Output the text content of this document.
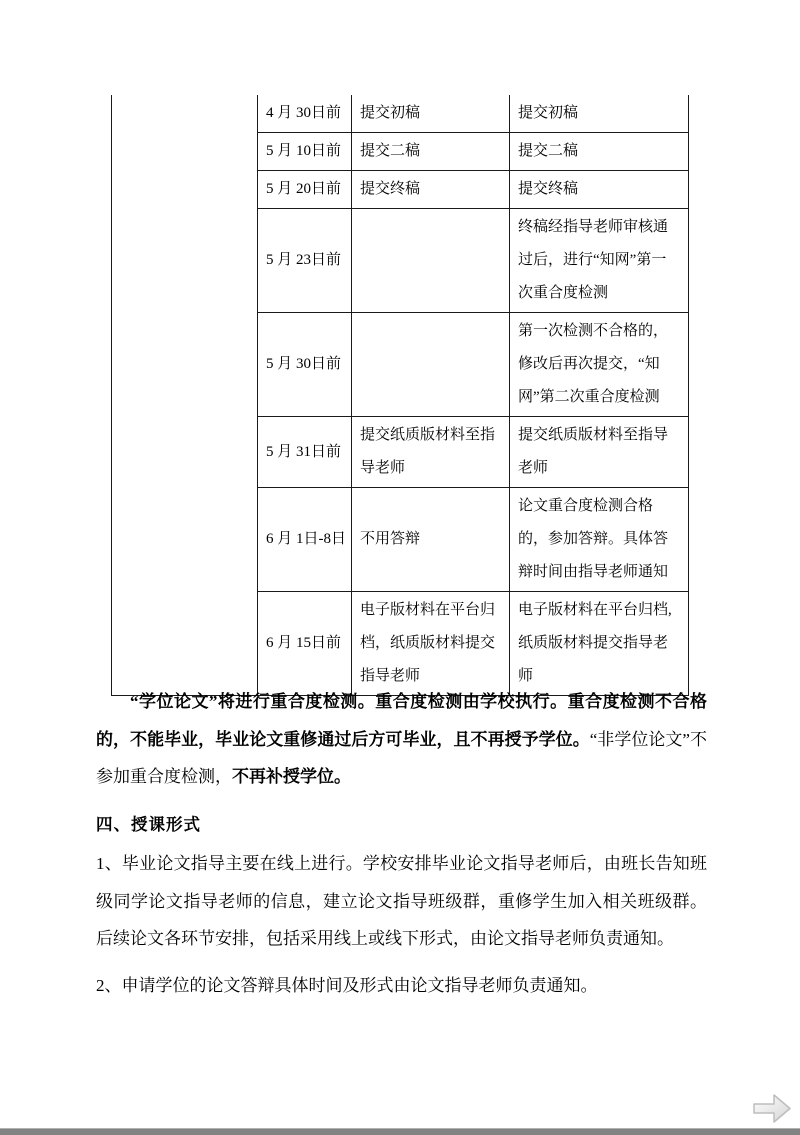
	4 月 30日前	提交初稿	提交初稿
	5 月 10日前	提交二稿	提交二稿
	5 月 20日前	提交终稿	提交终稿
	5 月 23日前		终稿经指导老师审核通过后，进行“知网”第一次重合度检测
	5 月 30日前		第一次检测不合格的，修改后再次提交，“知网”第二次重合度检测
	5 月 31日前	提交纸质版材料至指导老师	提交纸质版材料至指导老师
	6 月 1日-8日	不用答辩	论文重合度检测合格的，参加答辩。具体答辩时间由指导老师通知
	6 月 15日前	电子版材料在平台归档，纸质版材料提交指导老师	电子版材料在平台归档,纸质版材料提交指导老师

“学位论文”将进行重合度检测。重合度检测由学校执行。重合度检测不合格的，不能毕业，毕业论文重修通过后方可毕业，且不再授予学位。“非学位论文”不参加重合度检测，不再补授学位。

四、授课形式

1、毕业论文指导主要在线上进行。学校安排毕业论文指导老师后，由班长告知班级同学论文指导老师的信息，建立论文指导班级群，重修学生加入相关班级群。后续论文各环节安排，包括采用线上或线下形式，由论文指导老师负责通知。

2、申请学位的论文答辩具体时间及形式由论文指导老师负责通知。
